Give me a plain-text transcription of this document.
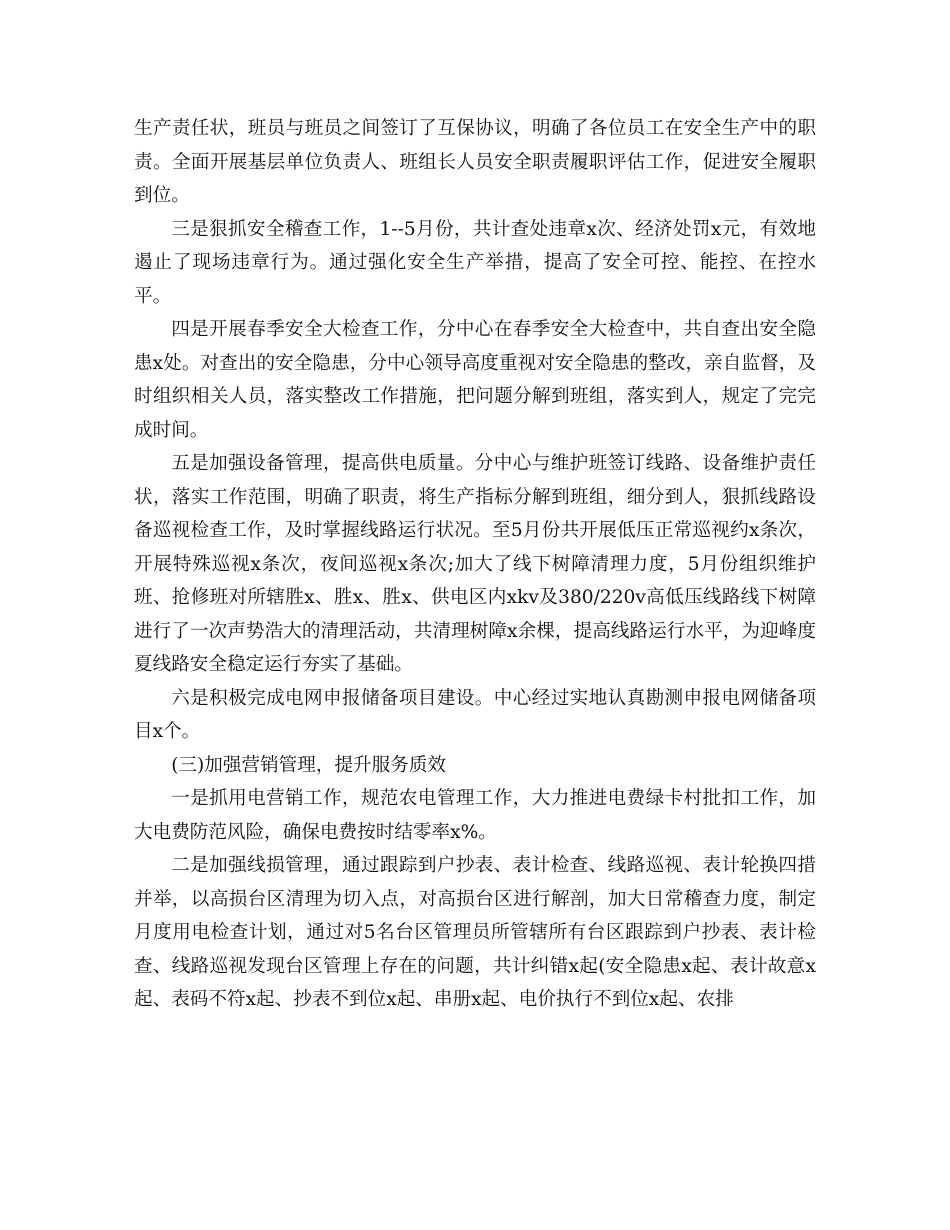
生产责任状，班员与班员之间签订了互保协议，明确了各位员工在安全生产中的职责。全面开展基层单位负责人、班组长人员安全职责履职评估工作，促进安全履职到位。

三是狠抓安全稽查工作，1--5月份，共计查处违章x次、经济处罚x元，有效地遏止了现场违章行为。通过强化安全生产举措，提高了安全可控、能控、在控水平。

四是开展春季安全大检查工作，分中心在春季安全大检查中，共自查出安全隐患x处。对查出的安全隐患，分中心领导高度重视对安全隐患的整改，亲自监督，及时组织相关人员，落实整改工作措施，把问题分解到班组，落实到人，规定了完完成时间。

五是加强设备管理，提高供电质量。分中心与维护班签订线路、设备维护责任状，落实工作范围，明确了职责，将生产指标分解到班组，细分到人，狠抓线路设备巡视检查工作，及时掌握线路运行状况。至5月份共开展低压正常巡视约x条次，开展特殊巡视x条次，夜间巡视x条次;加大了线下树障清理力度，5月份组织维护班、抢修班对所辖胜x、胜x、胜x、供电区内xkv及380/220v高低压线路线下树障进行了一次声势浩大的清理活动，共清理树障x余棵，提高线路运行水平，为迎峰度夏线路安全稳定运行夯实了基础。

六是积极完成电网申报储备项目建设。中心经过实地认真勘测申报电网储备项目x个。

(三)加强营销管理，提升服务质效

一是抓用电营销工作，规范农电管理工作，大力推进电费绿卡村批扣工作，加大电费防范风险，确保电费按时结零率x%。

二是加强线损管理，通过跟踪到户抄表、表计检查、线路巡视、表计轮换四措并举，以高损台区清理为切入点，对高损台区进行解剖，加大日常稽查力度，制定月度用电检查计划，通过对5名台区管理员所管辖所有台区跟踪到户抄表、表计检查、线路巡视发现台区管理上存在的问题，共计纠错x起(安全隐患x起、表计故意x起、表码不符x起、抄表不到位x起、串册x起、电价执行不到位x起、农排
